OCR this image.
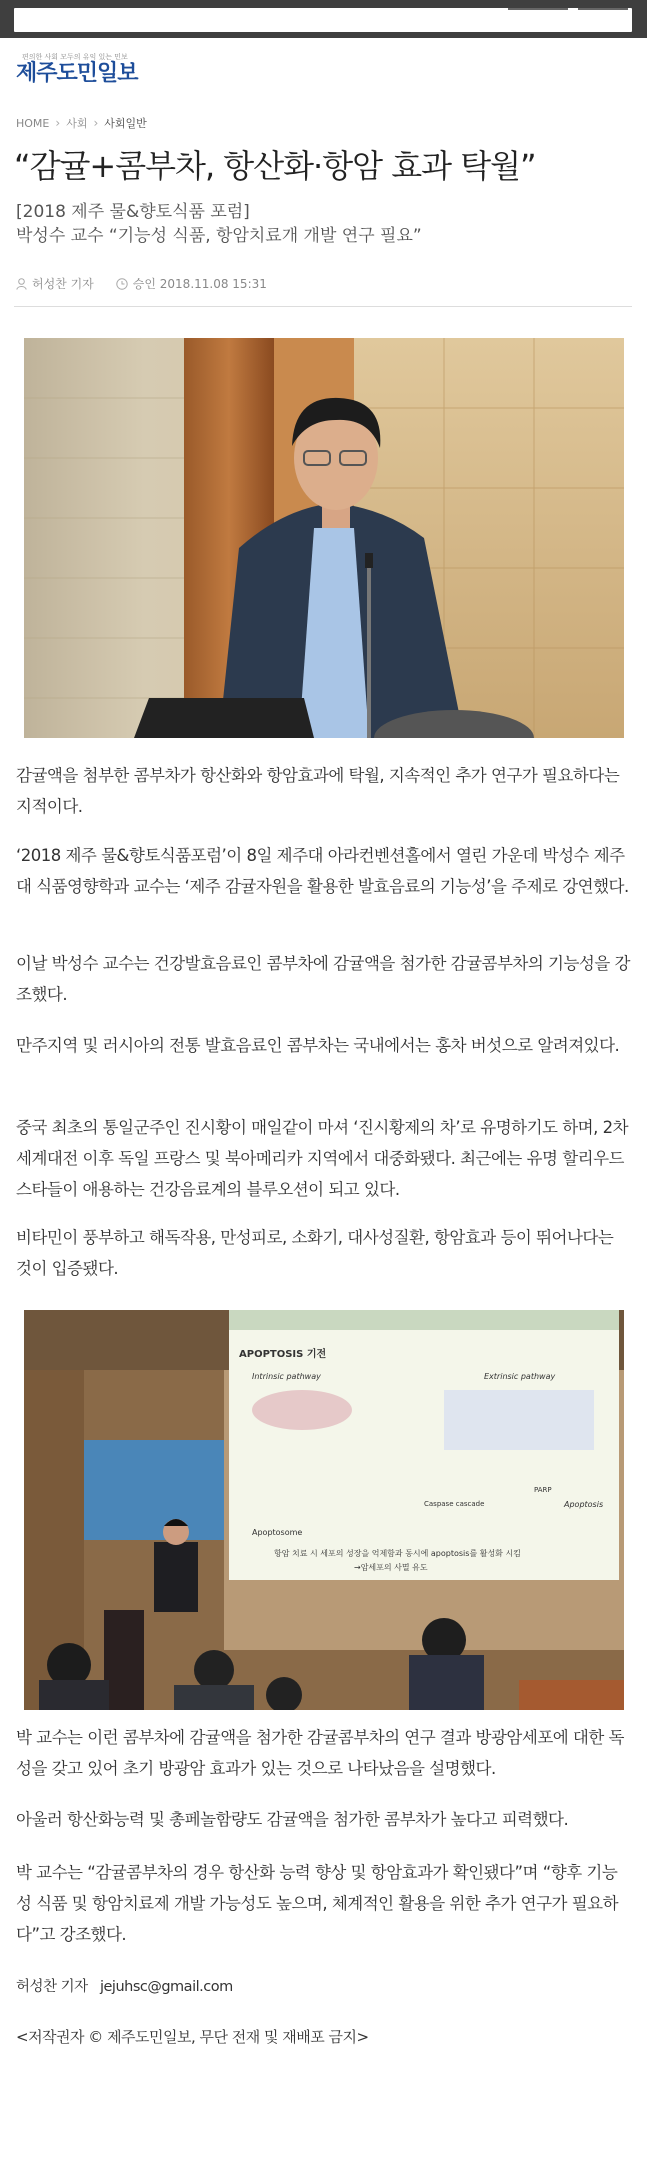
편의한 사회 모두의 유익 있는 민보
제주도민일보
HOME › 사회 › 사회일반
“감귤+콤부차, 항산화·항암 효과 탁월”
[2018 제주 물&향토식품 포럼]
박성수 교수 “기능성 식품, 항암치료개 개발 연구 필요”
허성찬 기자	승인 2018.11.08 15:31
감귤액을 첨부한 콤부차가 항산화와 항암효과에 탁월, 지속적인 추가 연구가 필요하다는 지적이다.
‘2018 제주 물&향토식품포럼’이 8일 제주대 아라컨벤션홀에서 열린 가운데 박성수 제주대 식품영향학과 교수는 ‘제주 감귤자원을 활용한 발효음료의 기능성’을 주제로 강연했다.
이날 박성수 교수는 건강발효음료인 콤부차에 감귤액을 첨가한 감귤콤부차의 기능성을 강조했다.
만주지역 및 러시아의 전통 발효음료인 콤부차는 국내에서는 홍차 버섯으로 알려져있다.
중국 최초의 통일군주인 진시황이 매일같이 마셔 ‘진시황제의 차’로 유명하기도 하며, 2차 세계대전 이후 독일 프랑스 및 북아메리카 지역에서 대중화됐다. 최근에는 유명 할리우드 스타들이 애용하는 건강음료계의 블루오션이 되고 있다.
비타민이 풍부하고 해독작용, 만성피로, 소화기, 대사성질환, 항암효과 등이 뛰어나다는 것이 입증됐다.
APOPTOSIS 기전
Intrinsic pathway	Extrinsic pathway
Apoptosome
Caspase cascade
PARP
Apoptosis
항암 치료 시 세포의 성장을 억제함과 동시에 apoptosis를 활성화 시킴
→암세포의 사멸 유도
박 교수는 이런 콤부차에 감귤액을 첨가한 감귤콤부차의 연구 결과 방광암세포에 대한 독성을 갖고 있어 초기 방광암 효과가 있는 것으로 나타났음을 설명했다.
아울러 항산화능력 및 총페놀함량도 감귤액을 첨가한 콤부차가 높다고 피력했다.
박 교수는 “감귤콤부차의 경우 항산화 능력 향상 및 항암효과가 확인됐다”며 “향후 기능성 식품 및 항암치료제 개발 가능성도 높으며, 체계적인 활용을 위한 추가 연구가 필요하다”고 강조했다.
허성찬 기자   jejuhsc@gmail.com
<저작권자 © 제주도민일보, 무단 전재 및 재배포 금지>
